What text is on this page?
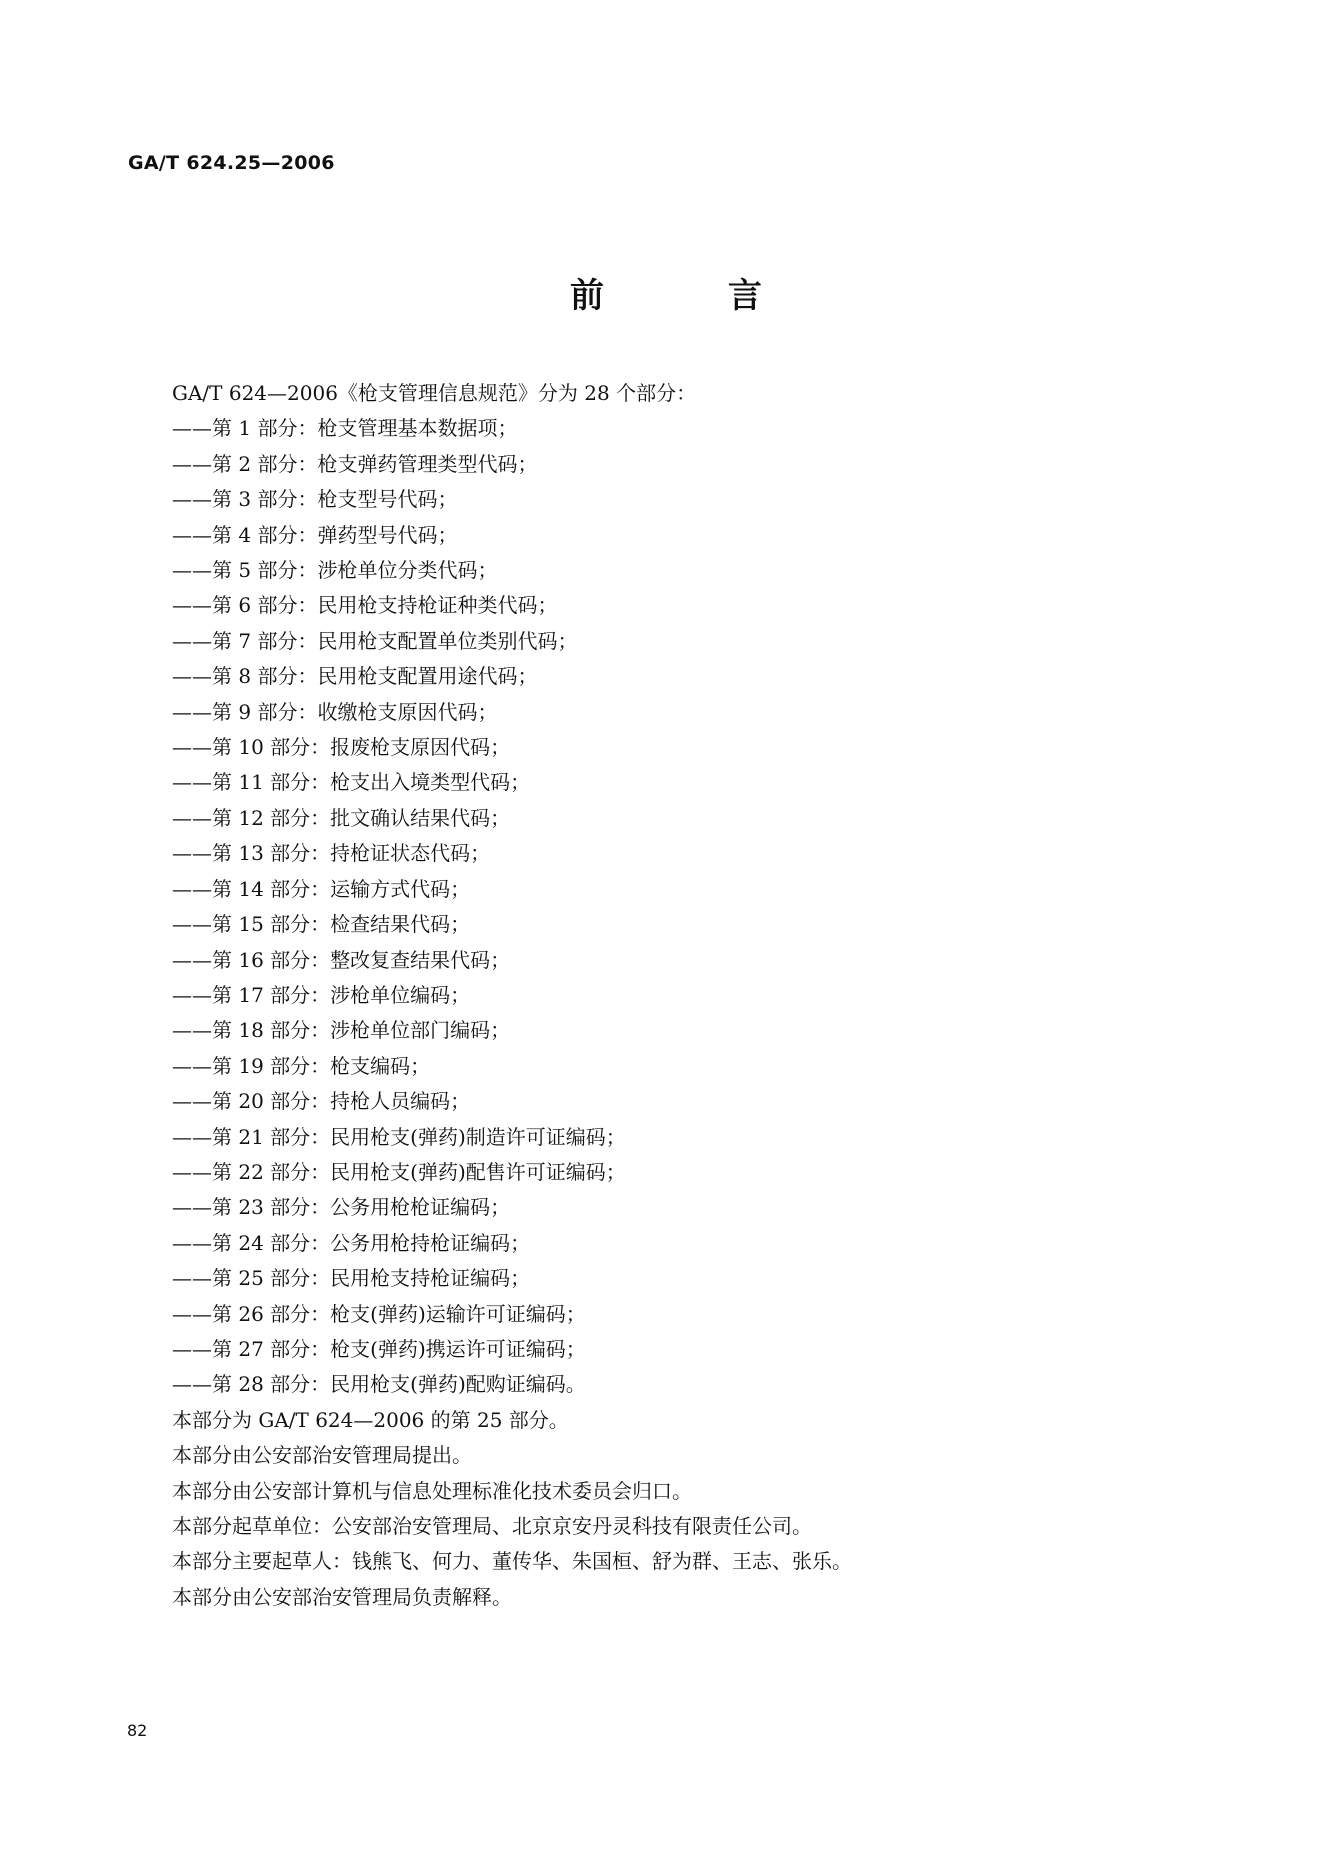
GA/T 624.25—2006
前 言
GA/T 624—2006《枪支管理信息规范》分为 28 个部分：
——第 1 部分：枪支管理基本数据项；
——第 2 部分：枪支弹药管理类型代码；
——第 3 部分：枪支型号代码；
——第 4 部分：弹药型号代码；
——第 5 部分：涉枪单位分类代码；
——第 6 部分：民用枪支持枪证种类代码；
——第 7 部分：民用枪支配置单位类别代码；
——第 8 部分：民用枪支配置用途代码；
——第 9 部分：收缴枪支原因代码；
——第 10 部分：报废枪支原因代码；
——第 11 部分：枪支出入境类型代码；
——第 12 部分：批文确认结果代码；
——第 13 部分：持枪证状态代码；
——第 14 部分：运输方式代码；
——第 15 部分：检查结果代码；
——第 16 部分：整改复查结果代码；
——第 17 部分：涉枪单位编码；
——第 18 部分：涉枪单位部门编码；
——第 19 部分：枪支编码；
——第 20 部分：持枪人员编码；
——第 21 部分：民用枪支(弹药)制造许可证编码；
——第 22 部分：民用枪支(弹药)配售许可证编码；
——第 23 部分：公务用枪枪证编码；
——第 24 部分：公务用枪持枪证编码；
——第 25 部分：民用枪支持枪证编码；
——第 26 部分：枪支(弹药)运输许可证编码；
——第 27 部分：枪支(弹药)携运许可证编码；
——第 28 部分：民用枪支(弹药)配购证编码。
本部分为 GA/T 624—2006 的第 25 部分。
本部分由公安部治安管理局提出。
本部分由公安部计算机与信息处理标准化技术委员会归口。
本部分起草单位：公安部治安管理局、北京京安丹灵科技有限责任公司。
本部分主要起草人：钱熊飞、何力、董传华、朱国桓、舒为群、王志、张乐。
本部分由公安部治安管理局负责解释。
82
